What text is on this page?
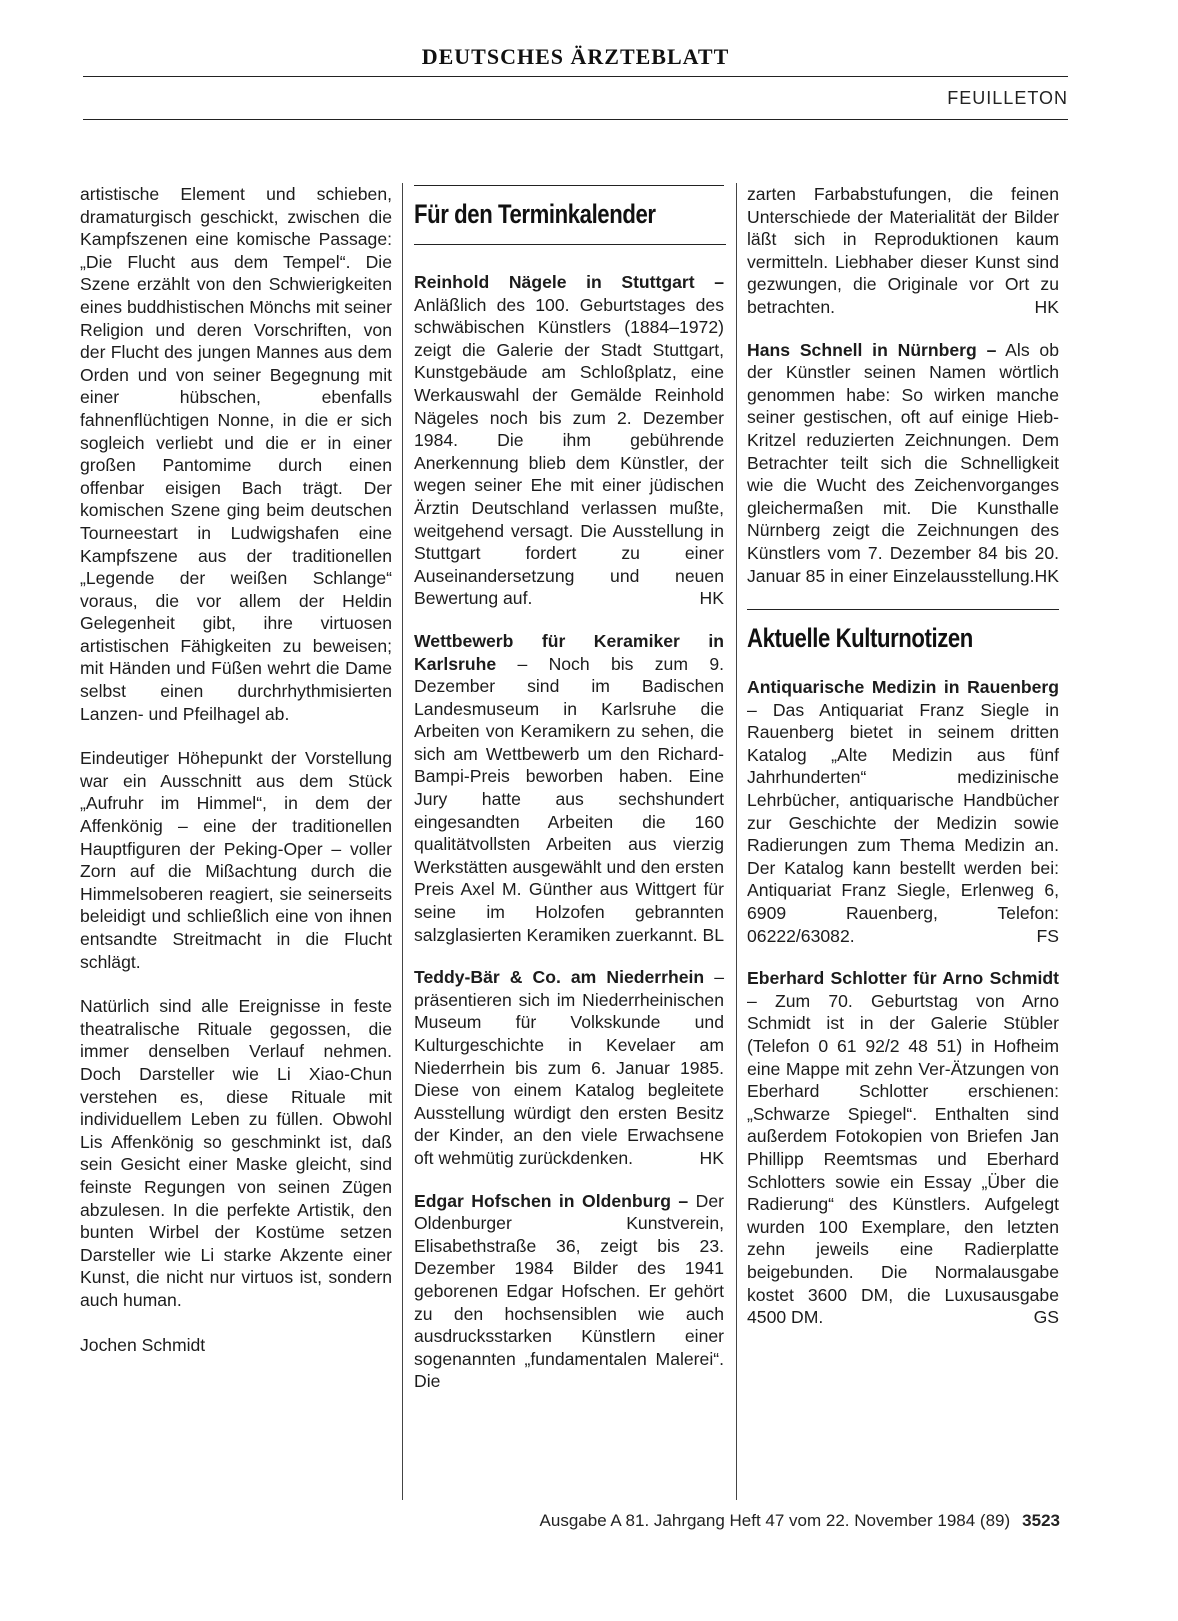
DEUTSCHES ÄRZTEBLATT
FEUILLETON

artistische Element und schieben, dramaturgisch geschickt, zwischen die Kampfszenen eine komische Passage: „Die Flucht aus dem Tempel“. Die Szene erzählt von den Schwierigkeiten eines buddhistischen Mönchs mit seiner Religion und deren Vorschriften, von der Flucht des jungen Mannes aus dem Orden und von seiner Begegnung mit einer hübschen, ebenfalls fahnenflüchtigen Nonne, in die er sich sogleich verliebt und die er in einer großen Pantomime durch einen offenbar eisigen Bach trägt. Der komischen Szene ging beim deutschen Tourneestart in Ludwigshafen eine Kampfszene aus der traditionellen „Legende der weißen Schlange“ voraus, die vor allem der Heldin Gelegenheit gibt, ihre virtuosen artistischen Fähigkeiten zu beweisen; mit Händen und Füßen wehrt die Dame selbst einen durchrhythmisierten Lanzen- und Pfeilhagel ab.

Eindeutiger Höhepunkt der Vorstellung war ein Ausschnitt aus dem Stück „Aufruhr im Himmel“, in dem der Affenkönig – eine der traditionellen Hauptfiguren der Peking-Oper – voller Zorn auf die Mißachtung durch die Himmelsoberen reagiert, sie seinerseits beleidigt und schließlich eine von ihnen entsandte Streitmacht in die Flucht schlägt.

Natürlich sind alle Ereignisse in feste theatralische Rituale gegossen, die immer denselben Verlauf nehmen. Doch Darsteller wie Li Xiao-Chun verstehen es, diese Rituale mit individuellem Leben zu füllen. Obwohl Lis Affenkönig so geschminkt ist, daß sein Gesicht einer Maske gleicht, sind feinste Regungen von seinen Zügen abzulesen. In die perfekte Artistik, den bunten Wirbel der Kostüme setzen Darsteller wie Li starke Akzente einer Kunst, die nicht nur virtuos ist, sondern auch human.

Jochen Schmidt
Für den Terminkalender

Reinhold Nägele in Stuttgart – Anläßlich des 100. Geburtstages des schwäbischen Künstlers (1884–1972) zeigt die Galerie der Stadt Stuttgart, Kunstgebäude am Schloßplatz, eine Werkauswahl der Gemälde Reinhold Nägeles noch bis zum 2. Dezember 1984. Die ihm gebührende Anerkennung blieb dem Künstler, der wegen seiner Ehe mit einer jüdischen Ärztin Deutschland verlassen mußte, weitgehend versagt. Die Ausstellung in Stuttgart fordert zu einer Auseinandersetzung und neuen Bewertung auf.	HK

Wettbewerb für Keramiker in Karlsruhe – Noch bis zum 9. Dezember sind im Badischen Landesmuseum in Karlsruhe die Arbeiten von Keramikern zu sehen, die sich am Wettbewerb um den Richard-Bampi-Preis beworben haben. Eine Jury hatte aus sechshundert eingesandten Arbeiten die 160 qualitätvollsten Arbeiten aus vierzig Werkstätten ausgewählt und den ersten Preis Axel M. Günther aus Wittgert für seine im Holzofen gebrannten salzglasierten Keramiken zuerkannt. BL

Teddy-Bär & Co. am Niederrhein – präsentieren sich im Niederrheinischen Museum für Volkskunde und Kulturgeschichte in Kevelaer am Niederrhein bis zum 6. Januar 1985. Diese von einem Katalog begleitete Ausstellung würdigt den ersten Besitz der Kinder, an den viele Erwachsene oft wehmütig zurückdenken.	HK

Edgar Hofschen in Oldenburg – Der Oldenburger Kunstverein, Elisabethstraße 36, zeigt bis 23. Dezember 1984 Bilder des 1941 geborenen Edgar Hofschen. Er gehört zu den hochsensiblen wie auch ausdrucksstarken Künstlern einer sogenannten „fundamentalen Malerei“. Die

zarten Farbabstufungen, die feinen Unterschiede der Materialität der Bilder läßt sich in Reproduktionen kaum vermitteln. Liebhaber dieser Kunst sind gezwungen, die Originale vor Ort zu betrachten.	HK

Hans Schnell in Nürnberg – Als ob der Künstler seinen Namen wörtlich genommen habe: So wirken manche seiner gestischen, oft auf einige Hieb-Kritzel reduzierten Zeichnungen. Dem Betrachter teilt sich die Schnelligkeit wie die Wucht des Zeichenvorganges gleichermaßen mit. Die Kunsthalle Nürnberg zeigt die Zeichnungen des Künstlers vom 7. Dezember 84 bis 20. Januar 85 in einer Einzelausstellung. HK

Aktuelle Kulturnotizen

Antiquarische Medizin in Rauenberg – Das Antiquariat Franz Siegle in Rauenberg bietet in seinem dritten Katalog „Alte Medizin aus fünf Jahrhunderten“ medizinische Lehrbücher, antiquarische Handbücher zur Geschichte der Medizin sowie Radierungen zum Thema Medizin an. Der Katalog kann bestellt werden bei: Antiquariat Franz Siegle, Erlenweg 6, 6909 Rauenberg, Telefon: 06222/63082.	FS

Eberhard Schlotter für Arno Schmidt – Zum 70. Geburtstag von Arno Schmidt ist in der Galerie Stübler (Telefon 0 61 92/2 48 51) in Hofheim eine Mappe mit zehn Ver-Ätzungen von Eberhard Schlotter erschienen: „Schwarze Spiegel“. Enthalten sind außerdem Fotokopien von Briefen Jan Phillipp Reemtsmas und Eberhard Schlotters sowie ein Essay „Über die Radierung“ des Künstlers. Aufgelegt wurden 100 Exemplare, den letzten zehn jeweils eine Radierplatte beigebunden. Die Normalausgabe kostet 3600 DM, die Luxusausgabe 4500 DM.	GS

Ausgabe A 81. Jahrgang Heft 47 vom 22. November 1984 (89) 3523
